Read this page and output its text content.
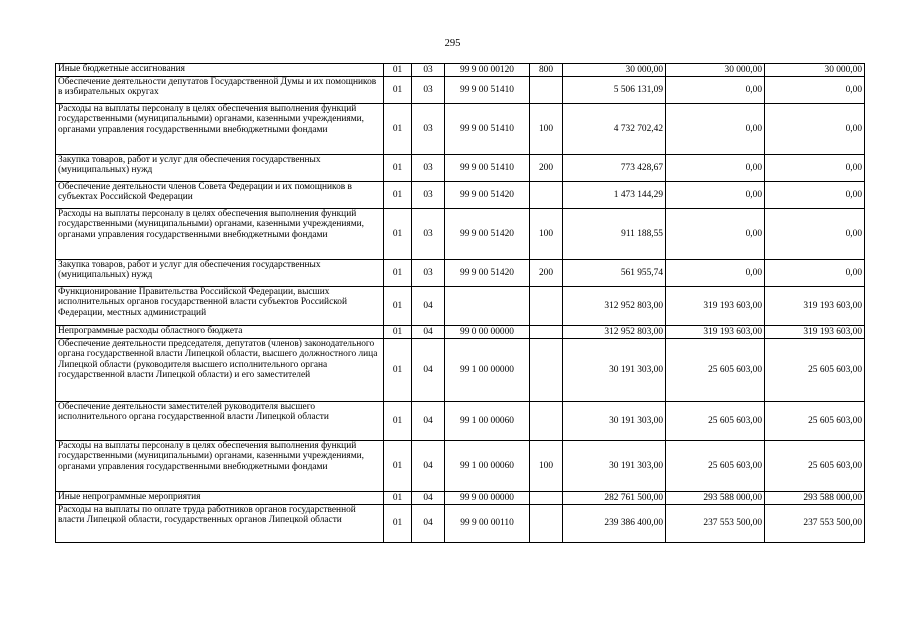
295
Иные бюджетные ассигнования	01	03	99 9 00 00120	800	30 000,00	30 000,00	30 000,00
Обеспечение деятельности депутатов Государственной Думы и их помощников в избирательных округах	01	03	99 9 00 51410		5 506 131,09	0,00	0,00
Расходы на выплаты персоналу в целях обеспечения выполнения функций государственными (муниципальными) органами, казенными учреждениями, органами управления государственными внебюджетными фондами	01	03	99 9 00 51410	100	4 732 702,42	0,00	0,00
Закупка товаров, работ и услуг для обеспечения государственных (муниципальных) нужд	01	03	99 9 00 51410	200	773 428,67	0,00	0,00
Обеспечение деятельности членов Совета Федерации и их помощников в субъектах Российской Федерации	01	03	99 9 00 51420		1 473 144,29	0,00	0,00
Расходы на выплаты персоналу в целях обеспечения выполнения функций государственными (муниципальными) органами, казенными учреждениями, органами управления государственными внебюджетными фондами	01	03	99 9 00 51420	100	911 188,55	0,00	0,00
Закупка товаров, работ и услуг для обеспечения государственных (муниципальных) нужд	01	03	99 9 00 51420	200	561 955,74	0,00	0,00
Функционирование Правительства Российской Федерации, высших исполнительных органов государственной власти субъектов Российской Федерации, местных администраций	01	04			312 952 803,00	319 193 603,00	319 193 603,00
Непрограммные расходы областного бюджета	01	04	99 0 00 00000		312 952 803,00	319 193 603,00	319 193 603,00
Обеспечение деятельности председателя, депутатов (членов) законодательного органа государственной власти Липецкой области, высшего должностного лица Липецкой области (руководителя высшего исполнительного органа государственной власти Липецкой области) и его заместителей	01	04	99 1 00 00000		30 191 303,00	25 605 603,00	25 605 603,00
Обеспечение деятельности заместителей руководителя высшего исполнительного органа государственной власти Липецкой области	01	04	99 1 00 00060		30 191 303,00	25 605 603,00	25 605 603,00
Расходы на выплаты персоналу в целях обеспечения выполнения функций государственными (муниципальными) органами, казенными учреждениями, органами управления государственными внебюджетными фондами	01	04	99 1 00 00060	100	30 191 303,00	25 605 603,00	25 605 603,00
Иные непрограммные мероприятия	01	04	99 9 00 00000		282 761 500,00	293 588 000,00	293 588 000,00
Расходы на выплаты по оплате труда работников органов государственной власти Липецкой области, государственных органов Липецкой области	01	04	99 9 00 00110		239 386 400,00	237 553 500,00	237 553 500,00
